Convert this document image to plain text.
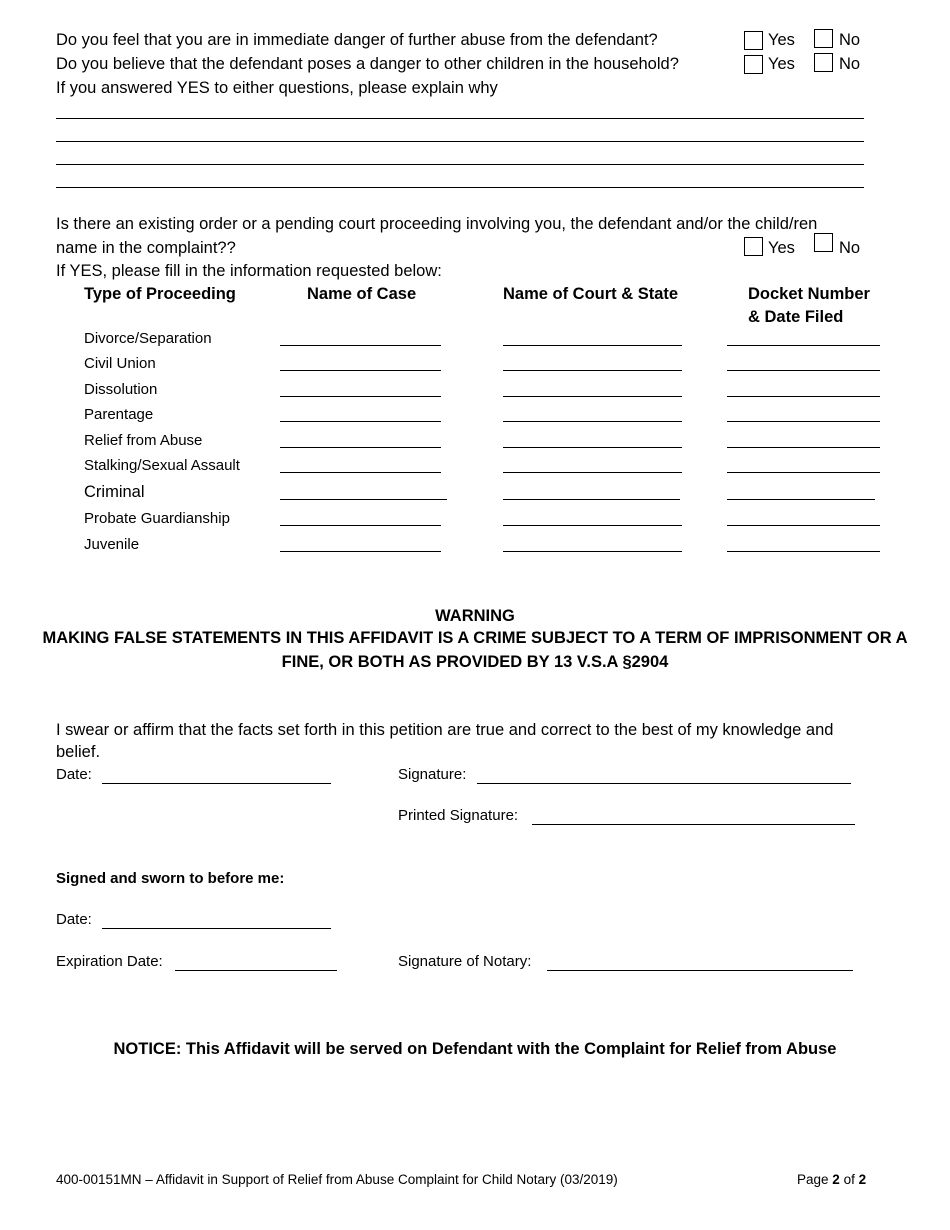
Do you feel that you are in immediate danger of further abuse from the defendant?	Yes	No
Do you believe that the defendant poses a danger to other children in the household?	Yes	No
If you answered YES to either questions, please explain why
Is there an existing order or a pending court proceeding involving you, the defendant and/or the child/ren
name in the complaint??	Yes	No
If YES, please fill in the information requested below:
Type of Proceeding	Name of Case	Name of Court & State	Docket Number
& Date Filed
Divorce/Separation
Civil Union
Dissolution
Parentage
Relief from Abuse
Stalking/Sexual Assault
Criminal
Probate Guardianship
Juvenile
WARNING
MAKING FALSE STATEMENTS IN THIS AFFIDAVIT IS A CRIME SUBJECT TO A TERM OF IMPRISONMENT OR A
FINE, OR BOTH AS PROVIDED BY 13 V.S.A §2904
I swear or affirm that the facts set forth in this petition are true and correct to the best of my knowledge and
belief.
Date:	Signature:
Printed Signature:
Signed and sworn to before me:
Date:
Expiration Date:	Signature of Notary:
NOTICE: This Affidavit will be served on Defendant with the Complaint for Relief from Abuse
400-00151MN – Affidavit in Support of Relief from Abuse Complaint for Child Notary (03/2019)	Page 2 of 2
